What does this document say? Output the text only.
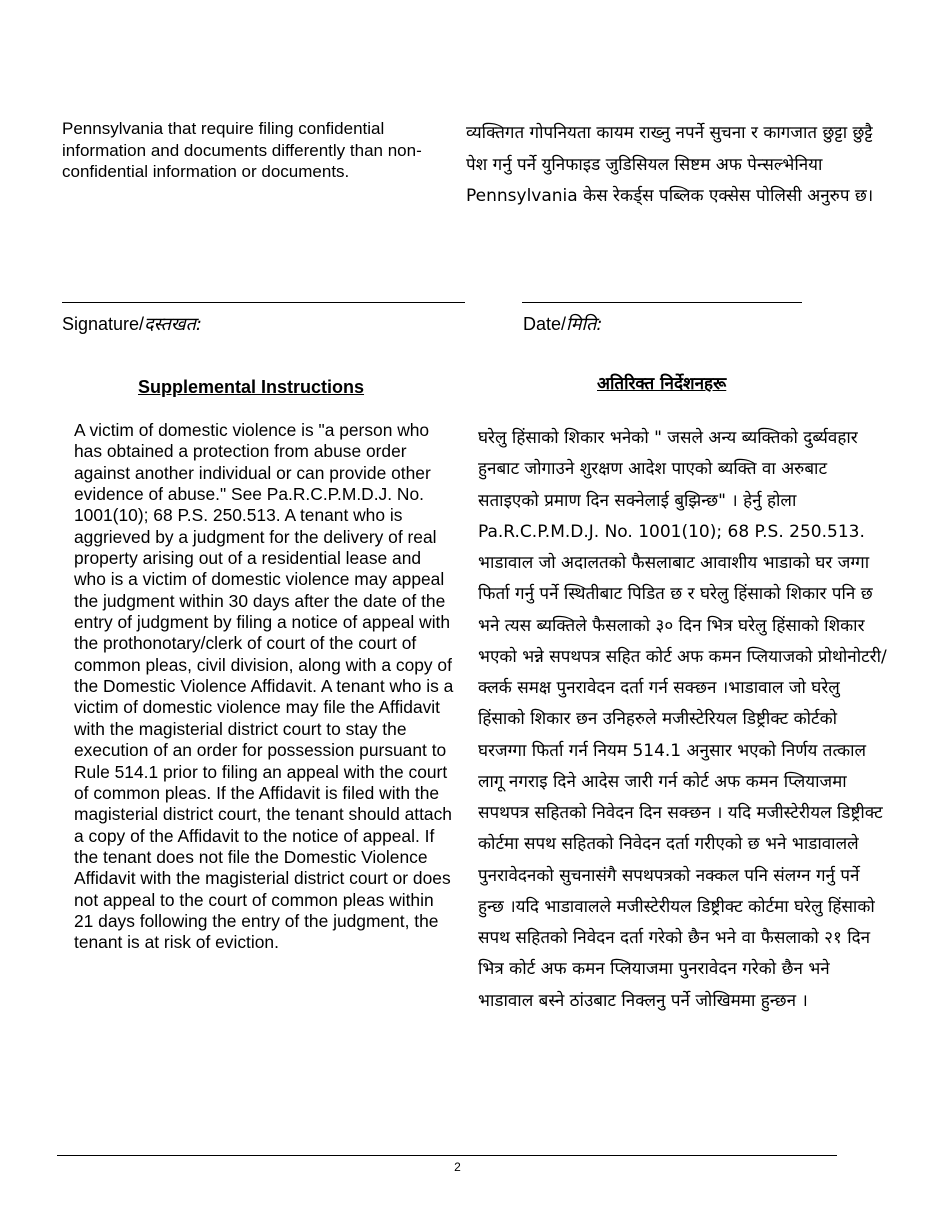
Pennsylvania that require filing confidential information and documents differently than non-confidential information or documents.
व्यक्तिगत गोपनियता कायम राख्नु नपर्ने सुचना र कागजात छुट्टा छुट्टै पेश गर्नु पर्ने युनिफाइड जुडिसियल सिष्टम अफ पेन्सल्भेनिया Pennsylvania केस रेकर्ड्स पब्लिक एक्सेस पोलिसी अनुरुप छ।
Signature/दस्तखत:	Date/मिति:
Supplemental Instructions	अतिरिक्त निर्देशनहरू
A victim of domestic violence is "a person who has obtained a protection from abuse order against another individual or can provide other evidence of abuse." See Pa.R.C.P.M.D.J. No. 1001(10); 68 P.S. 250.513. A tenant who is aggrieved by a judgment for the delivery of real property arising out of a residential lease and who is a victim of domestic violence may appeal the judgment within 30 days after the date of the entry of judgment by filing a notice of appeal with the prothonotary/clerk of court of the court of common pleas, civil division, along with a copy of the Domestic Violence Affidavit. A tenant who is a victim of domestic violence may file the Affidavit with the magisterial district court to stay the execution of an order for possession pursuant to Rule 514.1 prior to filing an appeal with the court of common pleas. If the Affidavit is filed with the magisterial district court, the tenant should attach a copy of the Affidavit to the notice of appeal. If the tenant does not file the Domestic Violence Affidavit with the magisterial district court or does not appeal to the court of common pleas within 21 days following the entry of the judgment, the tenant is at risk of eviction.
घरेलु हिंसाको शिकार भनेको " जसले अन्य ब्यक्तिको दुर्ब्यवहार हुनबाट जोगाउने शुरक्षण आदेश पाएको ब्यक्ति वा अरुबाट सताइएको प्रमाण दिन सक्नेलाई बुझिन्छ" । हेर्नु होला Pa.R.C.P.M.D.J. No. 1001(10); 68 P.S. 250.513. भाडावाल जो अदालतको फैसलाबाट आवाशीय भाडाको घर जग्गा फिर्ता गर्नु पर्ने स्थितीबाट पिडित छ र घरेलु हिंसाको शिकार पनि छ भने त्यस ब्यक्तिले फैसलाको ३० दिन भित्र घरेलु हिंसाको शिकार भएको भन्ने सपथपत्र सहित कोर्ट अफ कमन प्लियाजको प्रोथोनोटरी/ क्लर्क समक्ष पुनरावेदन दर्ता गर्न सक्छन ।भाडावाल जो घरेलु हिंसाको शिकार छन उनिहरुले मजीस्टेरियल डिष्ट्रीक्ट कोर्टको घरजग्गा फिर्ता गर्न नियम 514.1 अनुसार भएको निर्णय तत्काल लागू नगराइ दिने आदेस जारी गर्न कोर्ट अफ कमन प्लियाजमा सपथपत्र सहितको निवेदन दिन सक्छन । यदि मजीस्टेरीयल डिष्ट्रीक्ट कोर्टमा सपथ सहितको निवेदन दर्ता गरीएको छ भने भाडावालले पुनरावेदनको सुचनासंगै सपथपत्रको नक्कल पनि संलग्न गर्नु पर्ने हुन्छ ।यदि भाडावालले मजीस्टेरीयल डिष्ट्रीक्ट कोर्टमा घरेलु हिंसाको सपथ सहितको निवेदन दर्ता गरेको छैन भने वा फैसलाको २१ दिन भित्र कोर्ट अफ कमन प्लियाजमा पुनरावेदन गरेको छैन भने भाडावाल बस्ने ठांउबाट निक्लनु पर्ने जोखिममा हुन्छन ।
2
